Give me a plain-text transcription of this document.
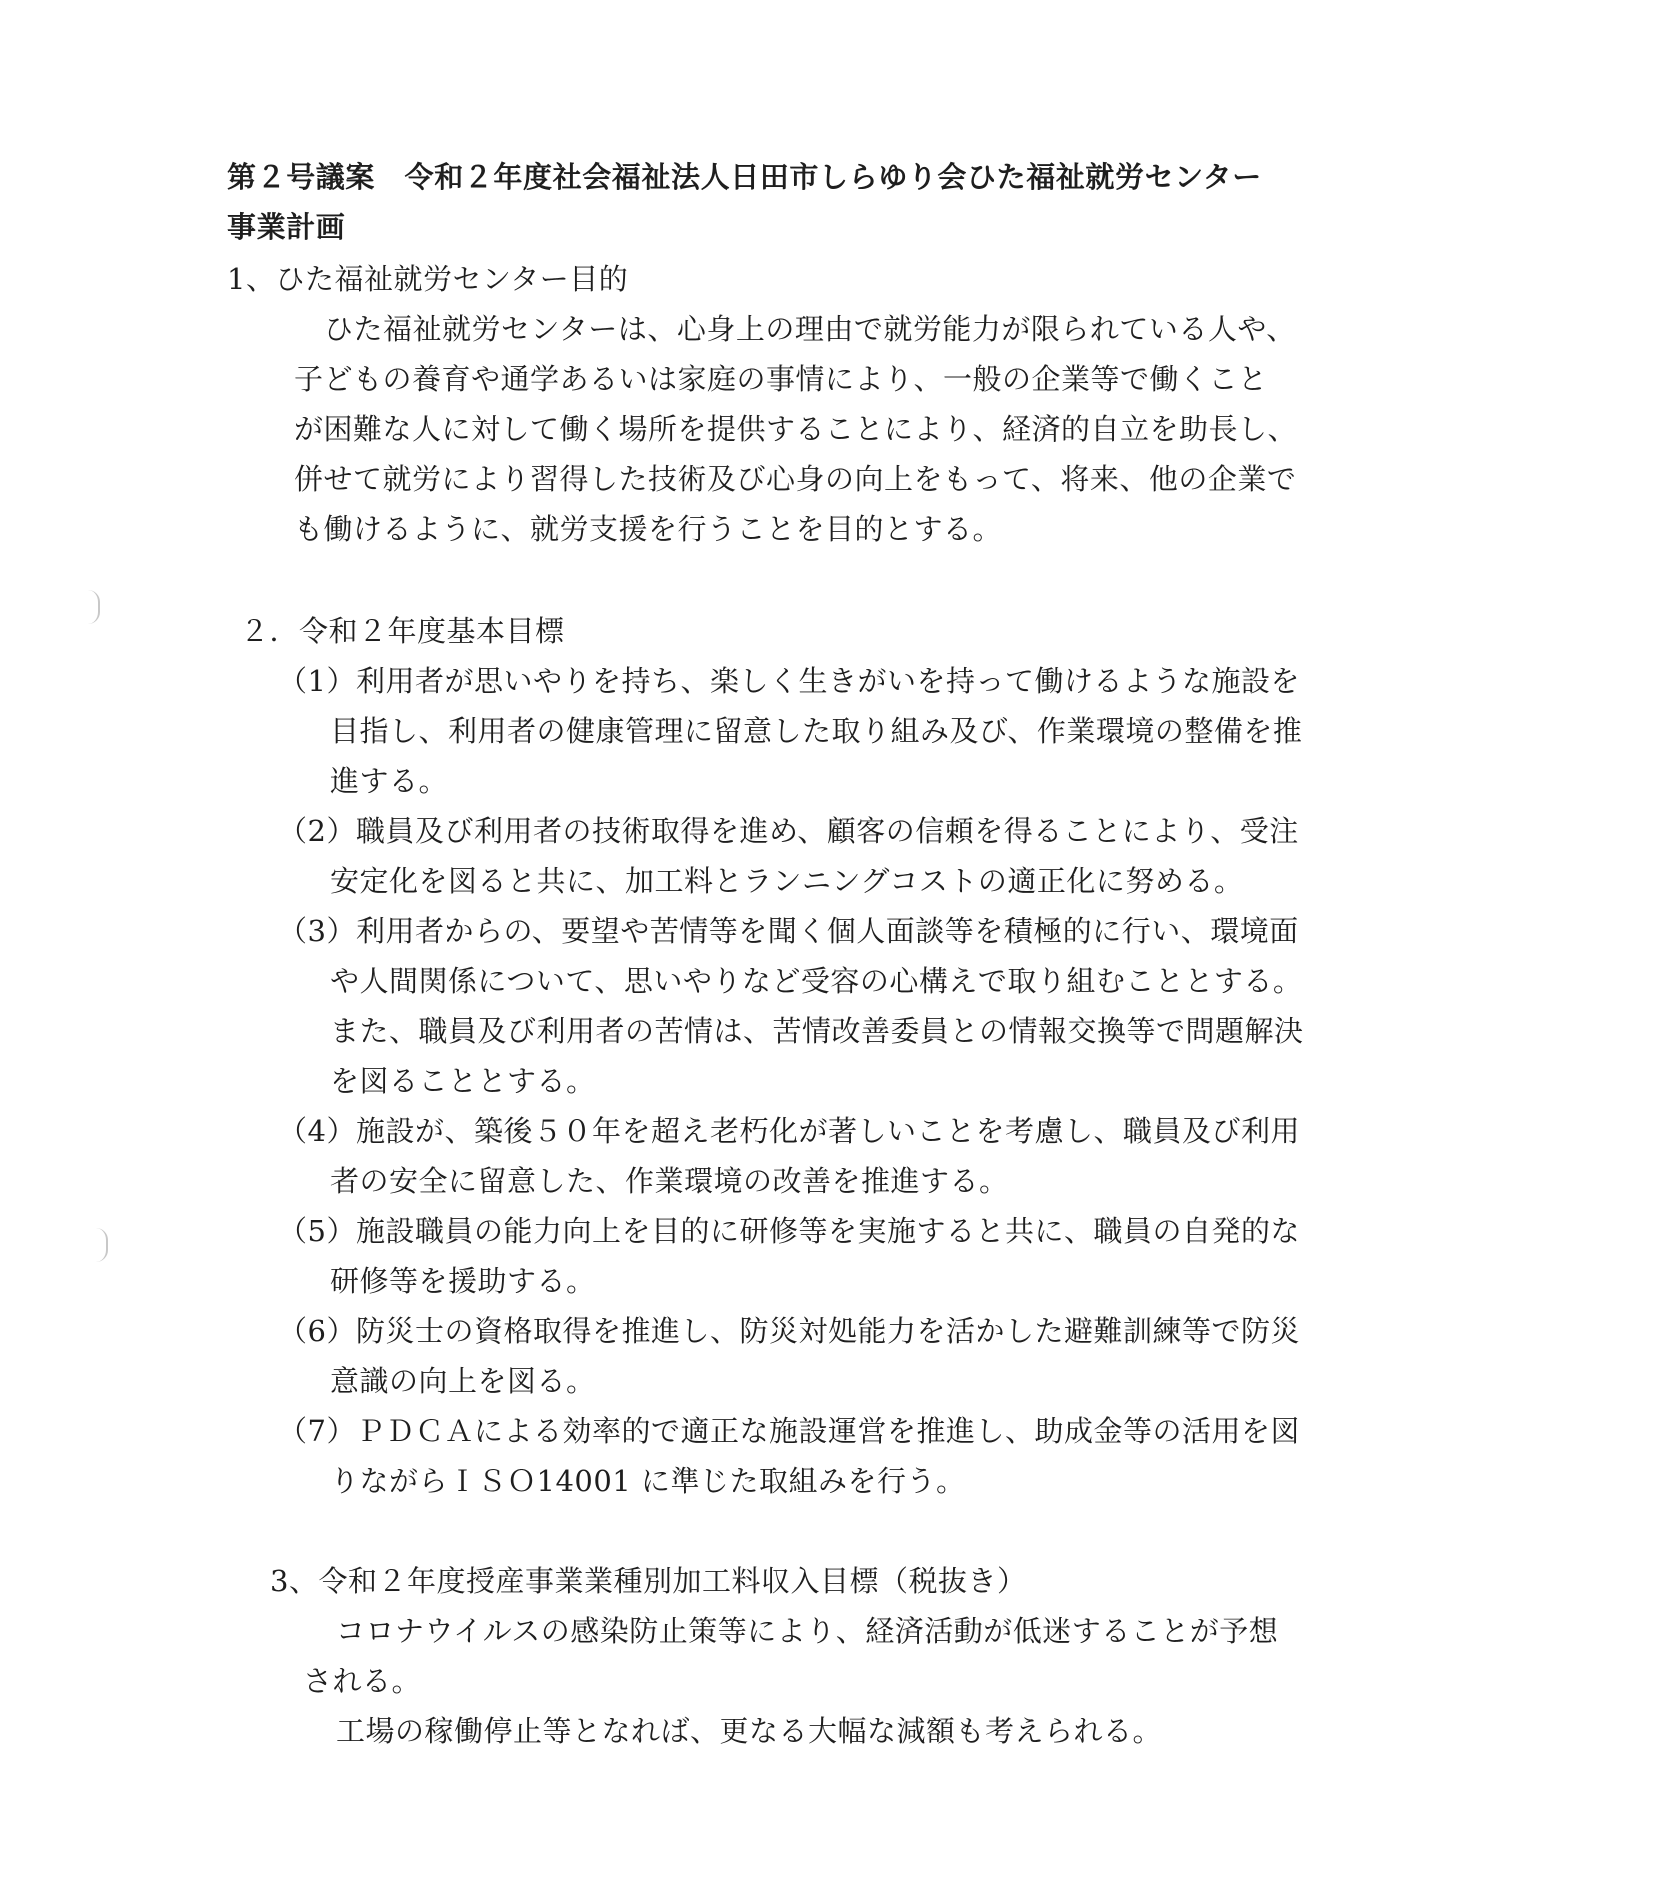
第２号議案　令和２年度社会福祉法人日田市しらゆり会ひた福祉就労センター
事業計画
1、ひた福祉就労センター目的
ひた福祉就労センターは、心身上の理由で就労能力が限られている人や、
子どもの養育や通学あるいは家庭の事情により、一般の企業等で働くこと
が困難な人に対して働く場所を提供することにより、経済的自立を助長し、
併せて就労により習得した技術及び心身の向上をもって、将来、他の企業で
も働けるように、就労支援を行うことを目的とする。
２．令和２年度基本目標
（1）利用者が思いやりを持ち、楽しく生きがいを持って働けるような施設を
目指し、利用者の健康管理に留意した取り組み及び、作業環境の整備を推
進する。
（2）職員及び利用者の技術取得を進め、顧客の信頼を得ることにより、受注
安定化を図ると共に、加工料とランニングコストの適正化に努める。
（3）利用者からの、要望や苦情等を聞く個人面談等を積極的に行い、環境面
や人間関係について、思いやりなど受容の心構えで取り組むこととする。
また、職員及び利用者の苦情は、苦情改善委員との情報交換等で問題解決
を図ることとする。
（4）施設が、築後５０年を超え老朽化が著しいことを考慮し、職員及び利用
者の安全に留意した、作業環境の改善を推進する。
（5）施設職員の能力向上を目的に研修等を実施すると共に、職員の自発的な
研修等を援助する。
（6）防災士の資格取得を推進し、防災対処能力を活かした避難訓練等で防災
意識の向上を図る。
（7）ＰＤＣＡによる効率的で適正な施設運営を推進し、助成金等の活用を図
りながらＩＳＯ14001 に準じた取組みを行う。
3、令和２年度授産事業業種別加工料収入目標（税抜き）
コロナウイルスの感染防止策等により、経済活動が低迷することが予想
される。
工場の稼働停止等となれば、更なる大幅な減額も考えられる。
